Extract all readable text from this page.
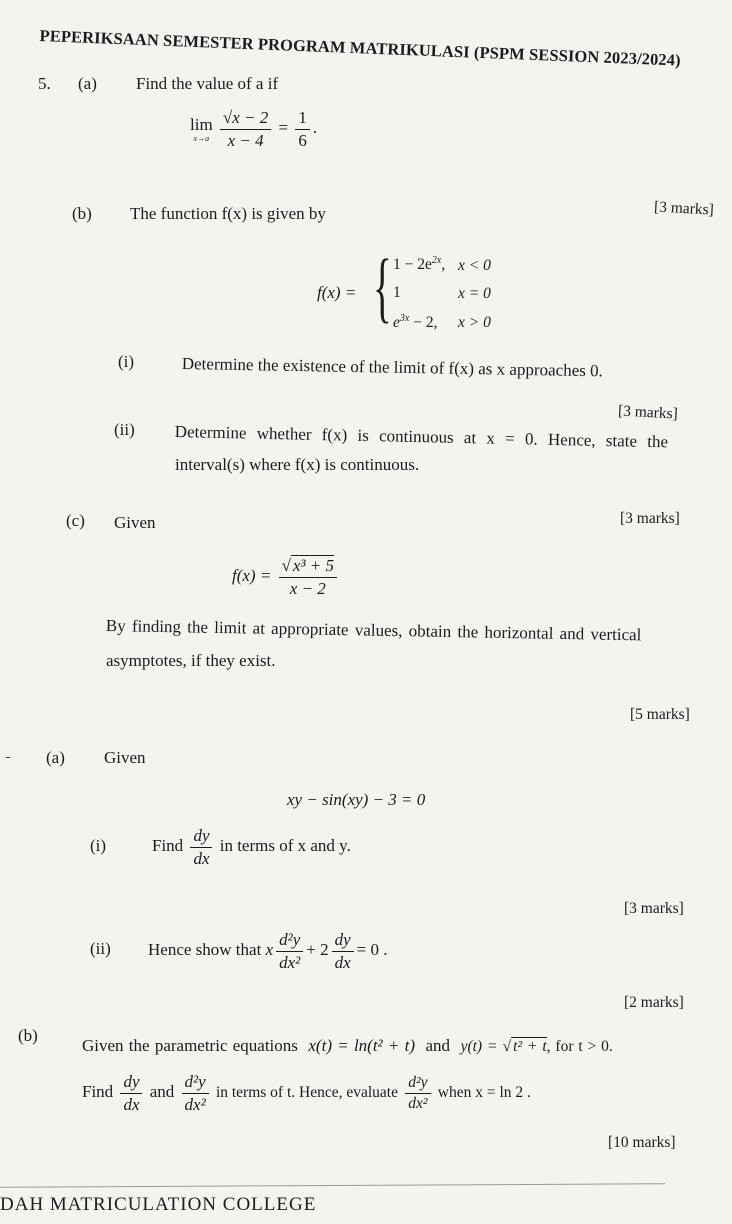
PEPERIKSAAN SEMESTER PROGRAM MATRIKULASI (PSPM SESSION 2023/2024)
5. (a) Find the value of a if
lim
x→a
$\frac{√x - 2}{x - 4} = \frac{1}{6}$ .
[3 marks]
(b) The function f(x) is given by
f(x) = { $1 - 2e^{2x}$, x < 0
1	x = 0
$e^{3x} - 2$, x > 0
(i)	Determine the existence of the limit of f(x) as x approaches 0.
[3 marks]
(ii) Determine whether f(x) is continuous at x = 0. Hence, state the
interval(s) where f(x) is continuous.
(c) Given	[3 marks]
$f(x) = \frac{\text{√ x³ + 5}}{x - 2}$
By finding the limit at appropriate values, obtain the horizontal and vertical
asymptotes, if they exist.
[5 marks]
(a) Given
xy − sin(xy) − 3 = 0
(i)	Find $\frac{dy}{dx}$ in terms of x and y.
[3 marks]
(ii) Hence show that x $\frac{\text{d²y}}{\text{dx²}} + 2 \frac{dy}{dx} = 0$ .
[2 marks]
(b)
Given the parametric equations x(t) = ln(t² + t) and y(t) = √ t² + t, for t > 0.
Find $\frac{dy}{dx}$ and $\frac{\text{d²y}}{\text{dx²}}$ in terms of t. Hence, evaluate $\frac{\text{d²y}}{\text{dx²}}$ when x = ln 2 .
[10 marks]
DAH MATRICULATION COLLEGE
